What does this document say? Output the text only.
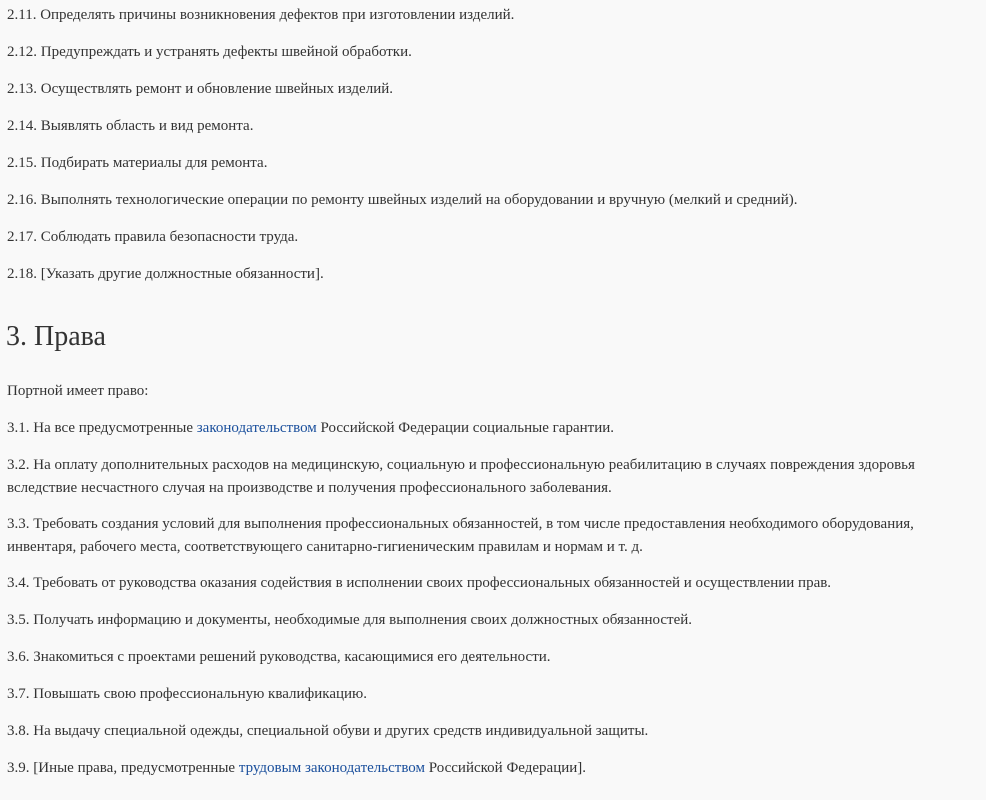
2.11. Определять причины возникновения дефектов при изготовлении изделий.

2.12. Предупреждать и устранять дефекты швейной обработки.

2.13. Осуществлять ремонт и обновление швейных изделий.

2.14. Выявлять область и вид ремонта.

2.15. Подбирать материалы для ремонта.

2.16. Выполнять технологические операции по ремонту швейных изделий на оборудовании и вручную (мелкий и средний).

2.17. Соблюдать правила безопасности труда.

2.18. [Указать другие должностные обязанности].

3. Права

Портной имеет право:

3.1. На все предусмотренные законодательством Российской Федерации социальные гарантии.

3.2. На оплату дополнительных расходов на медицинскую, социальную и профессиональную реабилитацию в случаях повреждения здоровья вследствие несчастного случая на производстве и получения профессионального заболевания.

3.3. Требовать создания условий для выполнения профессиональных обязанностей, в том числе предоставления необходимого оборудования, инвентаря, рабочего места, соответствующего санитарно-гигиеническим правилам и нормам и т. д.

3.4. Требовать от руководства оказания содействия в исполнении своих профессиональных обязанностей и осуществлении прав.

3.5. Получать информацию и документы, необходимые для выполнения своих должностных обязанностей.

3.6. Знакомиться с проектами решений руководства, касающимися его деятельности.

3.7. Повышать свою профессиональную квалификацию.

3.8. На выдачу специальной одежды, специальной обуви и других средств индивидуальной защиты.

3.9. [Иные права, предусмотренные трудовым законодательством Российской Федерации].
